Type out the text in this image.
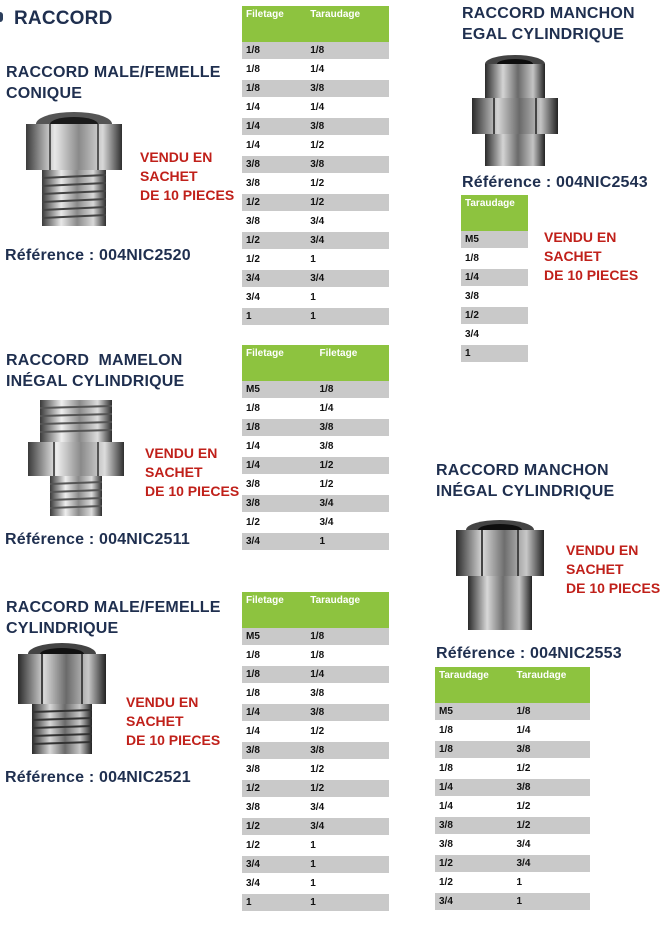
RACCORD
RACCORD MALE/FEMELLE
CONIQUE
VENDU EN
SACHET
DE 10 PIECES
Référence : 004NIC2520
Filetage	Taraudage
1/8	1/8
1/8	1/4
1/8	3/8
1/4	1/4
1/4	3/8
1/4	1/2
3/8	3/8
3/8	1/2
1/2	1/2
3/8	3/4
1/2	3/4
1/2	1
3/4	3/4
3/4	1
1	1
RACCORD  MAMELON
INÉGAL CYLINDRIQUE
VENDU EN
SACHET
DE 10 PIECES
Référence : 004NIC2511
Filetage	Filetage
M5	1/8
1/8	1/4
1/8	3/8
1/4	3/8
1/4	1/2
3/8	1/2
3/8	3/4
1/2	3/4
3/4	1
RACCORD MALE/FEMELLE
CYLINDRIQUE
VENDU EN
SACHET
DE 10 PIECES
Référence : 004NIC2521
Filetage	Taraudage
M5	1/8
1/8	1/8
1/8	1/4
1/8	3/8
1/4	3/8
1/4	1/2
3/8	3/8
3/8	1/2
1/2	1/2
3/8	3/4
1/2	3/4
1/2	1
3/4	1
3/4	1
1	1
RACCORD MANCHON
EGAL CYLINDRIQUE
Référence : 004NIC2543
Taraudage
M5
1/8
1/4
3/8
1/2
3/4
1
VENDU EN
SACHET
DE 10 PIECES
RACCORD MANCHON
INÉGAL CYLINDRIQUE
VENDU EN
SACHET
DE 10 PIECES
Référence : 004NIC2553
Taraudage	Taraudage
M5	1/8
1/8	1/4
1/8	3/8
1/8	1/2
1/4	3/8
1/4	1/2
3/8	1/2
3/8	3/4
1/2	3/4
1/2	1
3/4	1
